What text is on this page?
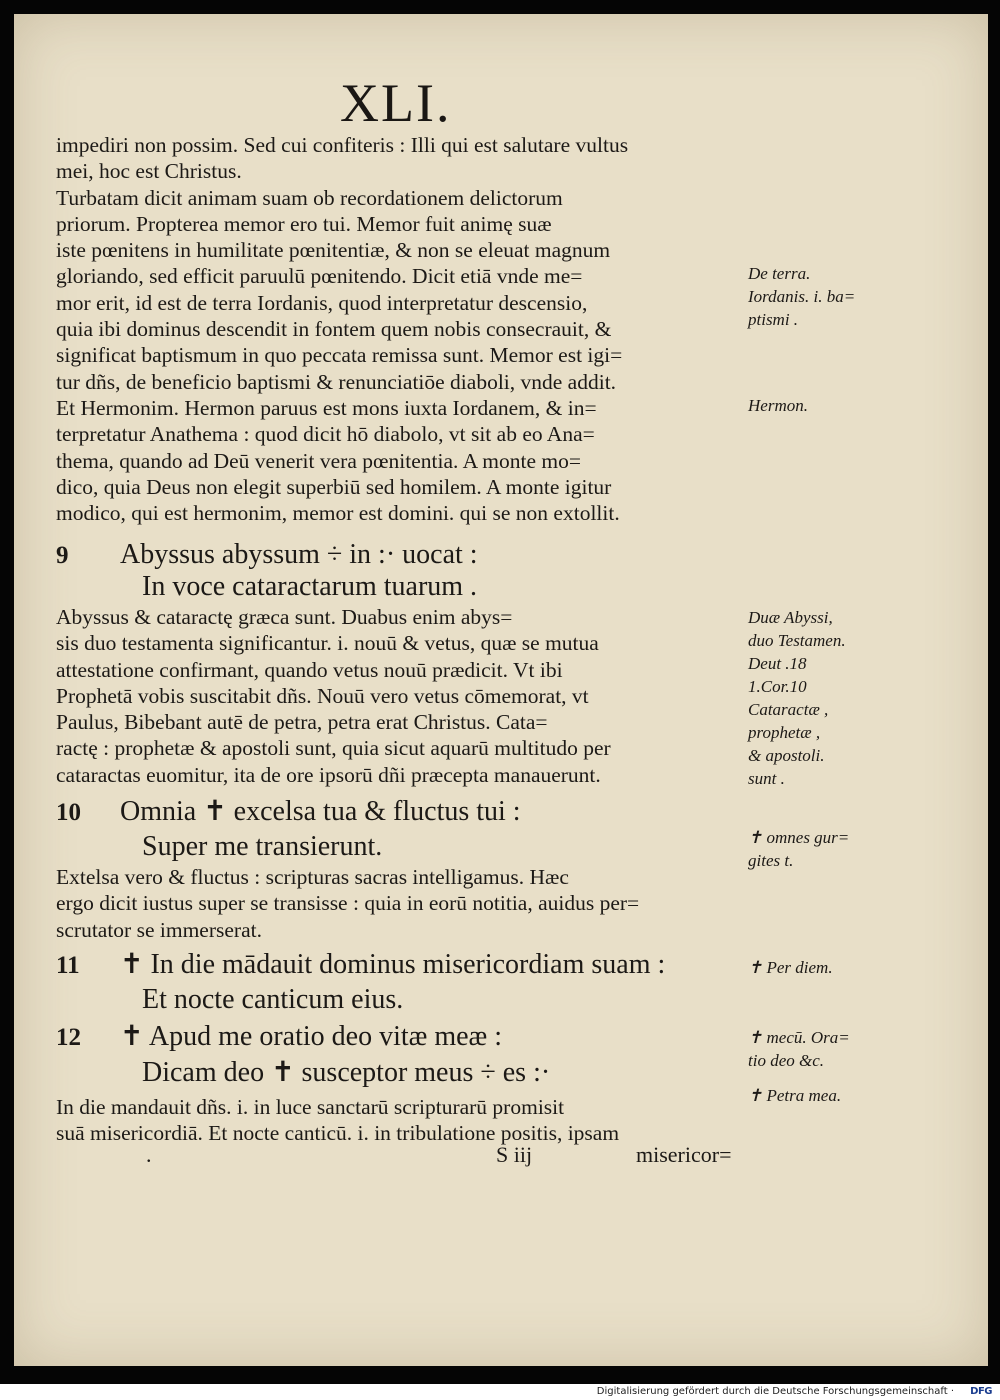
XLI.

impediri non possim. Sed cui confiteris : Illi qui est salutare vultus

mei, hoc est Christus.

Turbatam dicit animam suam ob recordationem delictorum

priorum. Propterea memor ero tui. Memor fuit animę suæ

iste pœnitens in humilitate pœnitentiæ, & non se eleuat magnum

gloriando, sed efficit paruulū pœnitendo. Dicit etiā vnde me=

mor erit, id est de terra Iordanis, quod interpretatur descensio,

quia ibi dominus descendit in fontem quem nobis consecrauit, &

significat baptismum in quo peccata remissa sunt. Memor est igi=

tur dñs, de beneficio baptismi & renunciatiōe diaboli, vnde addit.

Et Hermonim. Hermon paruus est mons iuxta Iordanem, & in=

terpretatur Anathema : quod dicit hō diabolo, vt sit ab eo Ana=

thema, quando ad Deū venerit vera pœnitentia. A monte mo=

dico, quia Deus non elegit superbiū sed homilem. A monte igitur

modico, qui est hermonim, memor est domini. qui se non extollit.

9 Abyssus abyssum ÷ in :· uocat :
In voce cataractarum tuarum .

Abyssus & cataractę græca sunt. Duabus enim abys=

sis duo testamenta significantur. i. nouū & vetus, quæ se mutua

attestatione confirmant, quando vetus nouū prædicit. Vt ibi

Prophetā vobis suscitabit dñs. Nouū vero vetus cōmemorat, vt

Paulus, Bibebant autē de petra, petra erat Christus. Cata=

ractę : prophetæ & apostoli sunt, quia sicut aquarū multitudo per

cataractas euomitur, ita de ore ipsorū dñi præcepta manauerunt.

10 Omnia ✝ excelsa tua & fluctus tui :
Super me transierunt.

Extelsa vero & fluctus : scripturas sacras intelligamus. Hæc

ergo dicit iustus super se transisse : quia in eorū notitia, auidus per=

scrutator se immerserat.

11 ✝ In die mādauit dominus misericordiam suam :
Et nocte canticum eius.
12 ✝ Apud me oratio deo vitæ meæ :
Dicam deo ✝ susceptor meus ÷ es :·

In die mandauit dñs. i. in luce sanctarū scripturarū promisit

suā misericordiā. Et nocte canticū. i. in tribulatione positis, ipsam

.	S iij	misericor=

De terra.

Iordanis. i. ba=

ptismi .

Hermon.

Duæ Abyssi,

duo Testamen.

Deut .18

1.Cor.10

Cataractæ ,

prophetæ ,

& apostoli.

sunt .

✝ omnes gur=

gites t.

✝ Per diem.

✝ mecū. Ora=

tio deo &c.

✝ Petra mea.

Digitalisierung gefördert durch die Deutsche Forschungsgemeinschaft · DFG
